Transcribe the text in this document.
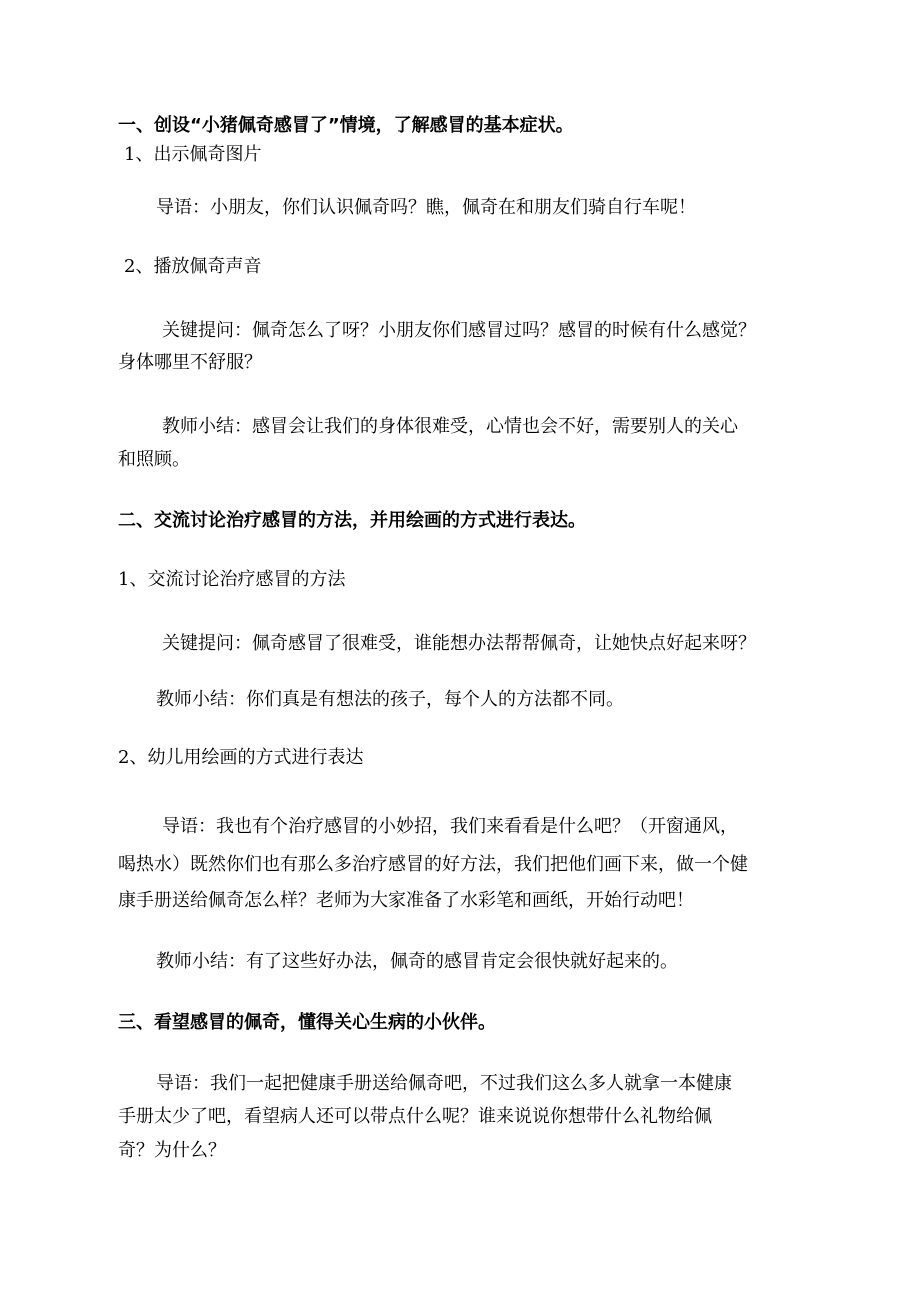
一、创设“小猪佩奇感冒了”情境，了解感冒的基本症状。

1、出示佩奇图片

导语：小朋友，你们认识佩奇吗？瞧，佩奇在和朋友们骑自行车呢！

2、播放佩奇声音

关键提问：佩奇怎么了呀？小朋友你们感冒过吗？感冒的时候有什么感觉？

身体哪里不舒服？

教师小结：感冒会让我们的身体很难受，心情也会不好，需要别人的关心

和照顾。

二、交流讨论治疗感冒的方法，并用绘画的方式进行表达。

1、交流讨论治疗感冒的方法

关键提问：佩奇感冒了很难受，谁能想办法帮帮佩奇，让她快点好起来呀？

教师小结：你们真是有想法的孩子，每个人的方法都不同。

2、幼儿用绘画的方式进行表达

导语：我也有个治疗感冒的小妙招，我们来看看是什么吧？（开窗通风，

喝热水）既然你们也有那么多治疗感冒的好方法，我们把他们画下来，做一个健

康手册送给佩奇怎么样？老师为大家准备了水彩笔和画纸，开始行动吧！

教师小结：有了这些好办法，佩奇的感冒肯定会很快就好起来的。

三、看望感冒的佩奇，懂得关心生病的小伙伴。

导语：我们一起把健康手册送给佩奇吧，不过我们这么多人就拿一本健康

手册太少了吧，看望病人还可以带点什么呢？谁来说说你想带什么礼物给佩

奇？为什么？
